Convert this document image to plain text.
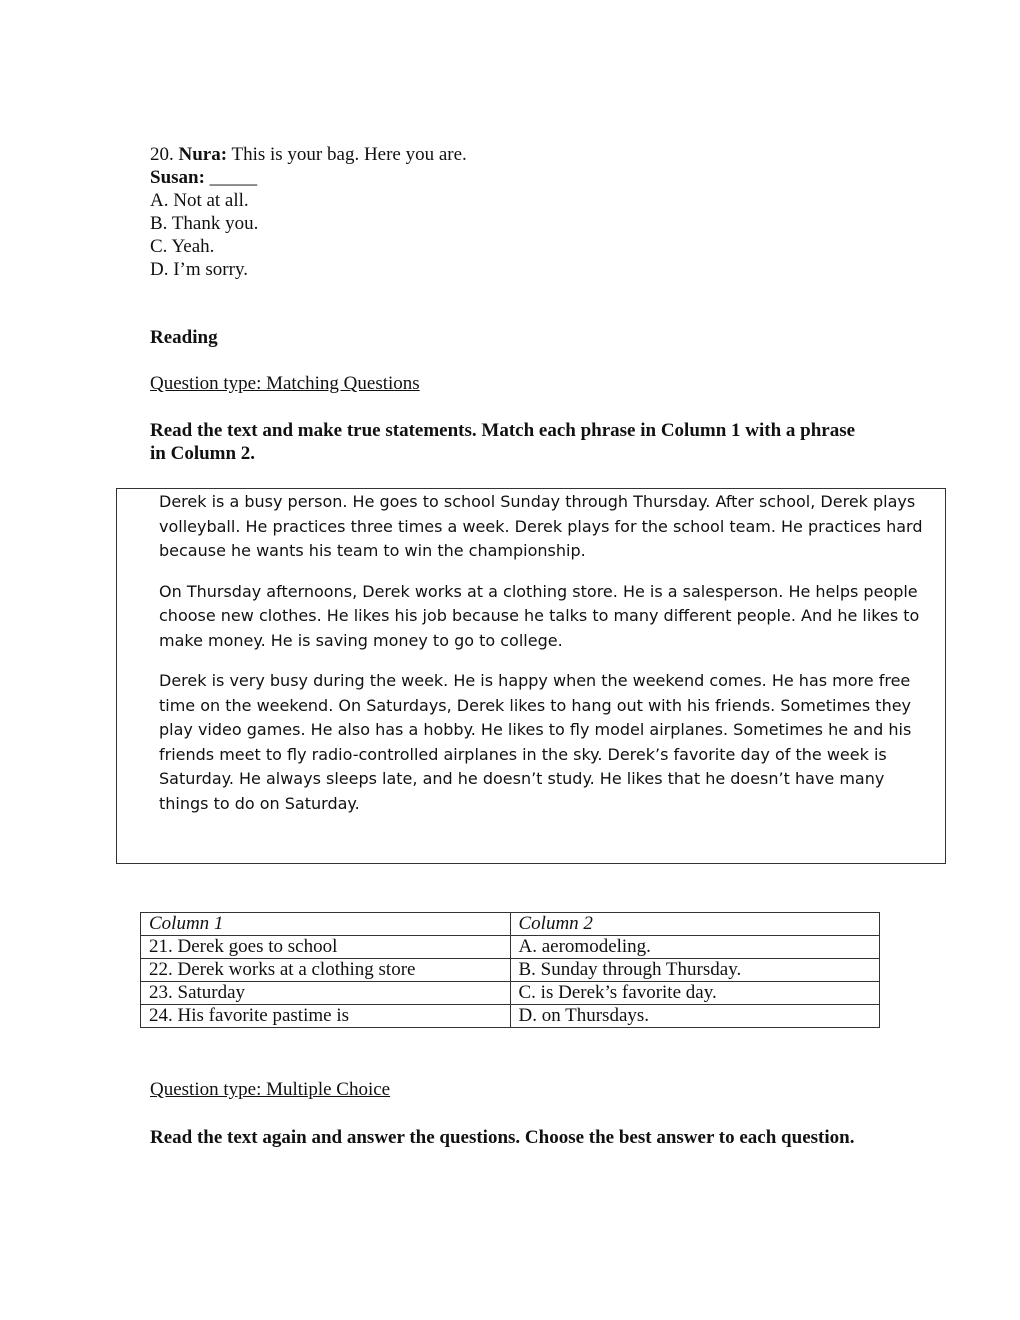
20. Nura: This is your bag. Here you are.
Susan: _____
A. Not at all.
B. Thank you.
C. Yeah.
D. I’m sorry.
Reading
Question type: Matching Questions
Read the text and make true statements. Match each phrase in Column 1 with a phrase in Column 2.

Derek is a busy person. He goes to school Sunday through Thursday. After school, Derek plays volleyball. He practices three times a week. Derek plays for the school team. He practices hard because he wants his team to win the championship.

On Thursday afternoons, Derek works at a clothing store. He is a salesperson. He helps people choose new clothes. He likes his job because he talks to many different people. And he likes to make money. He is saving money to go to college.

Derek is very busy during the week. He is happy when the weekend comes. He has more free time on the weekend. On Saturdays, Derek likes to hang out with his friends. Sometimes they play video games. He also has a hobby. He likes to fly model airplanes. Sometimes he and his friends meet to fly radio-controlled airplanes in the sky. Derek’s favorite day of the week is Saturday. He always sleeps late, and he doesn’t study. He likes that he doesn’t have many things to do on Saturday.

Column 1	Column 2
21. Derek goes to school	A. aeromodeling.
22. Derek works at a clothing store	B. Sunday through Thursday.
23. Saturday	C. is Derek’s favorite day.
24. His favorite pastime is	D. on Thursdays.
Question type: Multiple Choice
Read the text again and answer the questions. Choose the best answer to each question.
